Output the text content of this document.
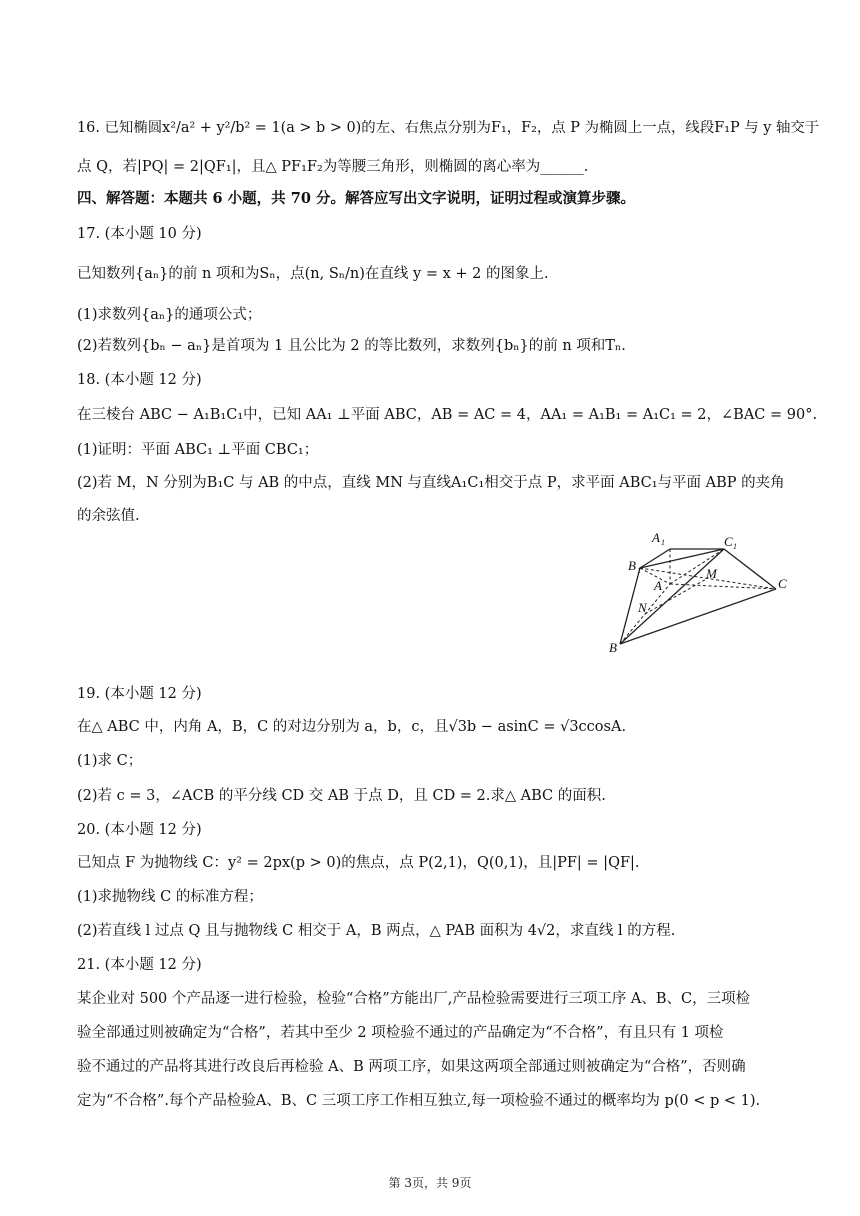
16. 已知椭圆x²/a² + y²/b² = 1(a > b > 0)的左、右焦点分别为F₁，F₂，点 P 为椭圆上一点，线段F₁P 与 y 轴交于
点 Q，若|PQ| = 2|QF₁|，且△ PF₁F₂为等腰三角形，则椭圆的离心率为______.
四、解答题：本题共 6 小题，共 70 分。解答应写出文字说明，证明过程或演算步骤。
17. (本小题 10 分)
已知数列{aₙ}的前 n 项和为Sₙ，点(n, Sₙ/n)在直线 y = x + 2 的图象上.
(1)求数列{aₙ}的通项公式；
(2)若数列{bₙ − aₙ}是首项为 1 且公比为 2 的等比数列，求数列{bₙ}的前 n 项和Tₙ.
18. (本小题 12 分)
在三棱台 ABC − A₁B₁C₁中，已知 AA₁ ⊥平面 ABC，AB = AC = 4，AA₁ = A₁B₁ = A₁C₁ = 2，∠BAC = 90°.
(1)证明：平面 ABC₁ ⊥平面 CBC₁；
(2)若 M，N 分别为B₁C 与 AB 的中点，直线 MN 与直线A₁C₁相交于点 P，求平面 ABC₁与平面 ABP 的夹角
的余弦值.
A 1	C 1
B 1	M
A
N
B
C
19. (本小题 12 分)
在△ ABC 中，内角 A，B，C 的对边分别为 a，b，c，且√3b − asinC = √3ccosA.
(1)求 C；
(2)若 c = 3，∠ACB 的平分线 CD 交 AB 于点 D，且 CD = 2.求△ ABC 的面积.
20. (本小题 12 分)
已知点 F 为抛物线 C：y² = 2px(p > 0)的焦点，点 P(2,1)，Q(0,1)，且|PF| = |QF|.
(1)求抛物线 C 的标准方程；
(2)若直线 l 过点 Q 且与抛物线 C 相交于 A，B 两点，△ PAB 面积为 4√2，求直线 l 的方程.
21. (本小题 12 分)
某企业对 500 个产品逐一进行检验，检验“合格”方能出厂,产品检验需要进行三项工序 A、B、C，三项检
验全部通过则被确定为“合格”，若其中至少 2 项检验不通过的产品确定为“不合格”，有且只有 1 项检
验不通过的产品将其进行改良后再检验 A、B 两项工序，如果这两项全部通过则被确定为“合格”，否则确
定为“不合格”.每个产品检验A、B、C 三项工序工作相互独立,每一项检验不通过的概率均为 p(0 < p < 1).
第 3页，共 9页
